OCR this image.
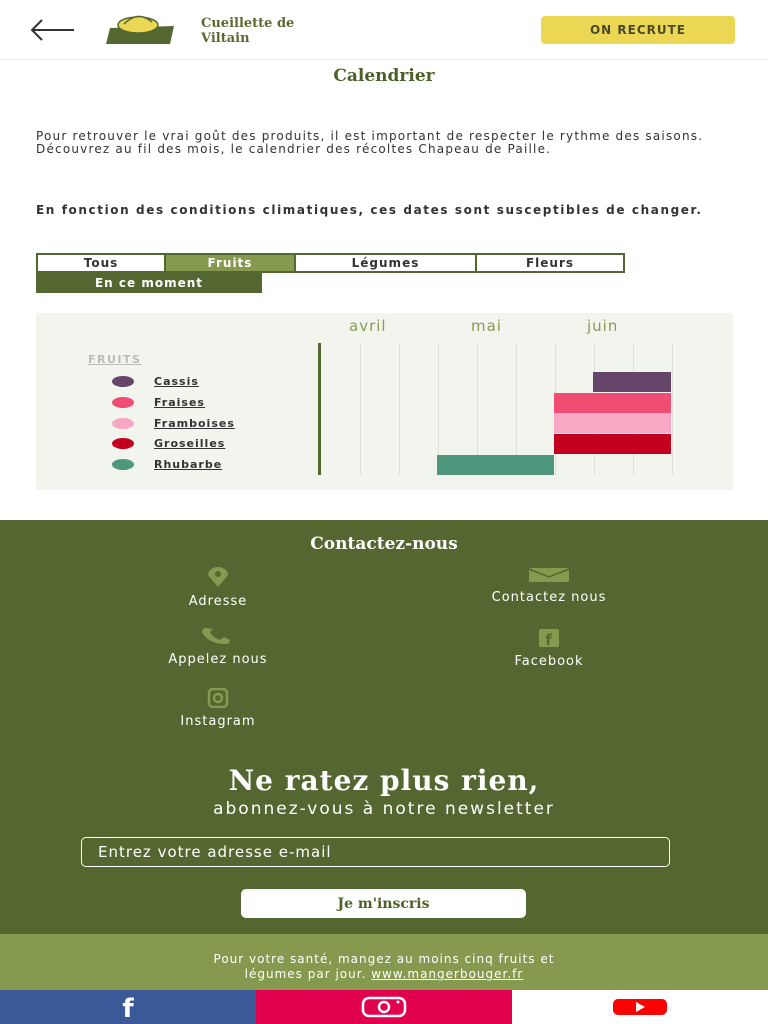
Cueillette de
Viltain
ON RECRUTE
Calendrier

Pour retrouver le vrai goût des produits, il est important de respecter le rythme des saisons.

Découvrez au fil des mois, le calendrier des récoltes Chapeau de Paille.

En fonction des conditions climatiques, ces dates sont susceptibles de changer.
Tous	Fruits	Légumes	Fleurs
En ce moment
avril	mai	juin
FRUITS
Cassis
Fraises
Framboises
Groseilles
Rhubarbe
Contactez-nous
Adresse	Contactez nous
Appelez nous
f
Facebook
Instagram
Ne ratez plus rien,
abonnez-vous à notre newsletter
Entrez votre adresse e-mail
Je m'inscris
Pour votre santé, mangez au moins cinq fruits et
légumes par jour. www.mangerbouger.fr
f
